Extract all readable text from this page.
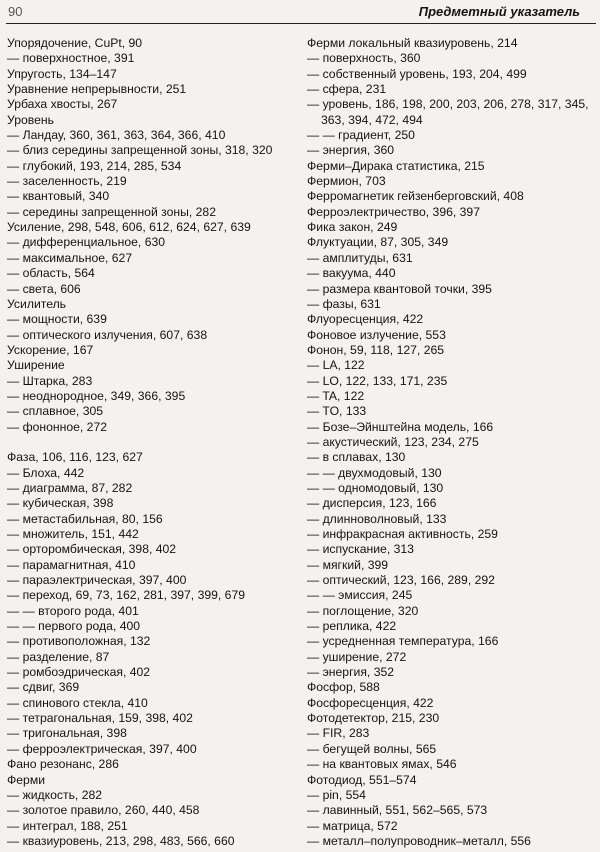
90	Предметный указатель
Упорядочение, CuPt, 90
— поверхностное, 391
Упругость, 134–147
Уравнение непрерывности, 251
Урбаха хвосты, 267
Уровень
— Ландау, 360, 361, 363, 364, 366, 410
— близ середины запрещенной зоны, 318, 320
— глубокий, 193, 214, 285, 534
— заселенность, 219
— квантовый, 340
— середины запрещенной зоны, 282
Усиление, 298, 548, 606, 612, 624, 627, 639
— дифференциальное, 630
— максимальное, 627
— область, 564
— света, 606
Усилитель
— мощности, 639
— оптического излучения, 607, 638
Ускорение, 167
Уширение
— Штарка, 283
— неоднородное, 349, 366, 395
— сплавное, 305
— фононное, 272
Фаза, 106, 116, 123, 627
— Блоха, 442
— диаграмма, 87, 282
— кубическая, 398
— метастабильная, 80, 156
— множитель, 151, 442
— орторомбическая, 398, 402
— парамагнитная, 410
— параэлектрическая, 397, 400
— переход, 69, 73, 162, 281, 397, 399, 679
— — второго рода, 401
— — первого рода, 400
— противоположная, 132
— разделение, 87
— ромбоэдрическая, 402
— сдвиг, 369
— спинового стекла, 410
— тетрагональная, 159, 398, 402
— тригональная, 398
— ферроэлектрическая, 397, 400
Фано резонанс, 286
Ферми
— жидкость, 282
— золотое правило, 260, 440, 458
— интеграл, 188, 251
— квазиуровень, 213, 298, 483, 566, 660
Ферми локальный квазиуровень, 214
— поверхность, 360
— собственный уровень, 193, 204, 499
— сфера, 231
— уровень, 186, 198, 200, 203, 206, 278, 317, 345, 363, 394, 472, 494
— — градиент, 250
— энергия, 360
Ферми–Дирака статистика, 215
Фермион, 703
Ферромагнетик гейзенберговский, 408
Ферроэлектричество, 396, 397
Фика закон, 249
Флуктуации, 87, 305, 349
— амплитуды, 631
— вакуума, 440
— размера квантовой точки, 395
— фазы, 631
Флуоресценция, 422
Фоновое излучение, 553
Фонон, 59, 118, 127, 265
— LA, 122
— LO, 122, 133, 171, 235
— TA, 122
— TO, 133
— Бозе–Эйнштейна модель, 166
— акустический, 123, 234, 275
— в сплавах, 130
— — двухмодовый, 130
— — одномодовый, 130
— дисперсия, 123, 166
— длинноволновый, 133
— инфракрасная активность, 259
— испускание, 313
— мягкий, 399
— оптический, 123, 166, 289, 292
— — эмиссия, 245
— поглощение, 320
— реплика, 422
— усредненная температура, 166
— уширение, 272
— энергия, 352
Фосфор, 588
Фосфоресценция, 422
Фотодетектор, 215, 230
— FIR, 283
— бегущей волны, 565
— на квантовых ямах, 546
Фотодиод, 551–574
— pin, 554
— лавинный, 551, 562–565, 573
— матрица, 572
— металл–полупроводник–металл, 556
